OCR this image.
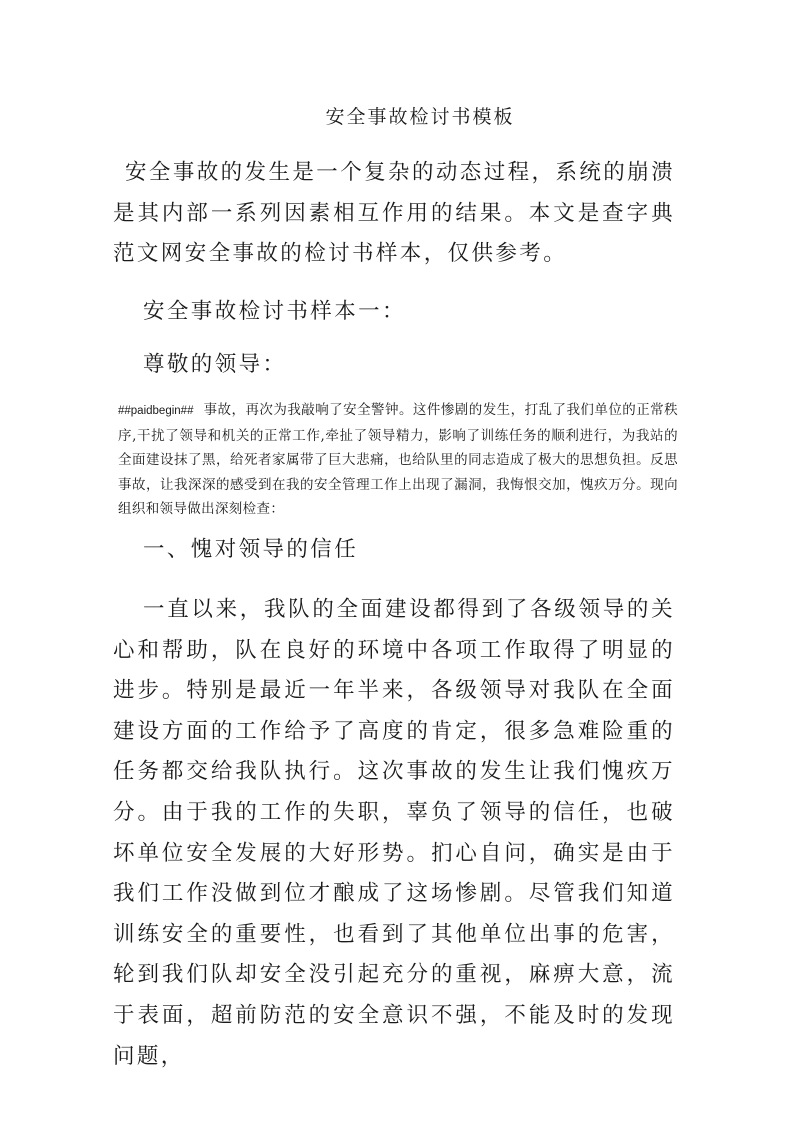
安全事故检讨书模板

安全事故的发生是一个复杂的动态过程，系统的崩溃是其内部一系列因素相互作用的结果。本文是查字典范文网安全事故的检讨书样本，仅供参考。

安全事故检讨书样本一：

尊敬的领导：

##paidbegin## 事故，再次为我敲响了安全警钟。这件惨剧的发生，打乱了我们单位的正常秩序,干扰了领导和机关的正常工作,牵扯了领导精力，影响了训练任务的顺利进行，为我站的全面建设抹了黑，给死者家属带了巨大悲痛，也给队里的同志造成了极大的思想负担。反思事故，让我深深的感受到在我的安全管理工作上出现了漏洞，我悔恨交加，愧疚万分。现向组织和领导做出深刻检查：

一、愧对领导的信任

一直以来，我队的全面建设都得到了各级领导的关心和帮助，队在良好的环境中各项工作取得了明显的进步。特别是最近一年半来，各级领导对我队在全面建设方面的工作给予了高度的肯定，很多急难险重的任务都交给我队执行。这次事故的发生让我们愧疚万分。由于我的工作的失职，辜负了领导的信任，也破坏单位安全发展的大好形势。扪心自问，确实是由于我们工作没做到位才酿成了这场惨剧。尽管我们知道训练安全的重要性，也看到了其他单位出事的危害，轮到我们队却安全没引起充分的重视，麻痹大意，流于表面，超前防范的安全意识不强，不能及时的发现问题，
